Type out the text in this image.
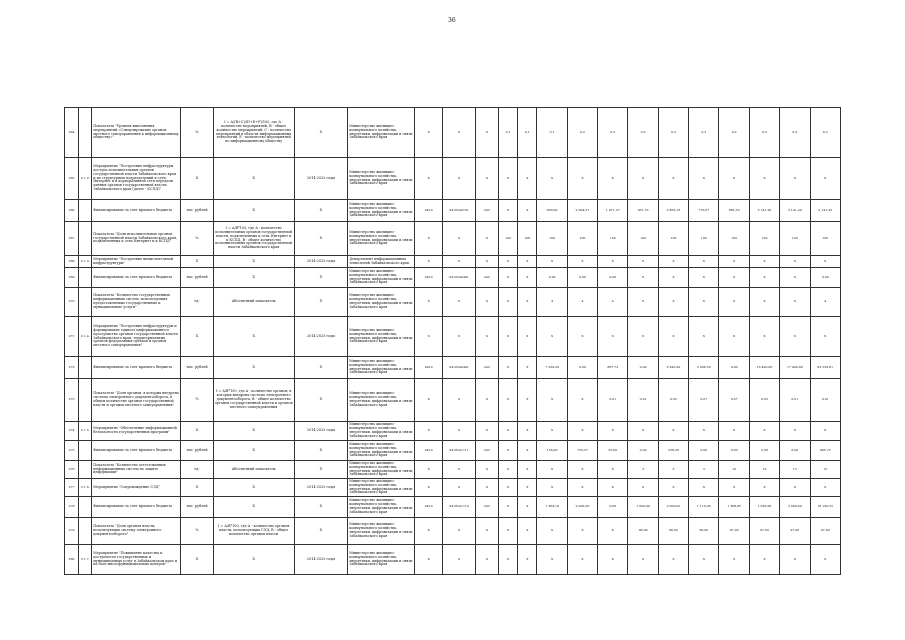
36
264		Показатель "Уровень выполнения мероприятий «Стимулирование органов местного самоуправления к информационному обществу»"	%	I = A/(B+C)/(D+E+F)/100, где A - количество мероприятий, B - общее количество мероприятий, C - количество мероприятий в области информационных технологий, E - количество мероприятий по информационному обществу	Х	Министерство жилищно-коммунального хозяйства, энергетики, цифровизации и связи Забайкальского края	Х	Х	Х	0,1	0,1	0,1	0,2	0,2	0,2	0,2	0,2	0,2	0,2	0,2	0,2
265	2.1.2.	Мероприятие "Построение инфраструктуры доступа исполнительных органов государственной власти Забайкальского края и их структурных подразделений к сети Интернет и к корпоративной сети передачи данных органов государственной власти Забайкальского края (далее - КСПД)"	Х	Х	2014-2025 годы	Министерство жилищно-коммунального хозяйства, энергетики, цифровизации и связи Забайкальского края	Х	Х	Х	Х	Х	Х	Х	Х	Х	Х	Х	Х	Х	Х	Х
266		Финансирование за счет краевого бюджета	тыс. рублей	Х	Х	Министерство жилищно-коммунального хозяйства, энергетики, цифровизации и связи Забайкальского края	0410	0410540101	242	Х	Х	600,00	2 694,57	1 971,27	931,70	2 865,18	770,67	862,53	2 141,20	2 141,20	2 141,20
267		Показатель "Доля исполнительных органов государственной власти Забайкальского края, подключенных к сети Интернет и к КСПД"	%	I = A/B*100, где A - количество исполнительных органов государственной власти, подключенных к сети Интернет и к КСПД, B - общее количество исполнительных органов государственной власти Забайкальского края	Х	Министерство жилищно-коммунального хозяйства, энергетики, цифровизации и связи Забайкальского края	Х	Х	Х	100	100	100	100	100	100	100	100	100	100	100	100
268	2.1.3.	Мероприятие "Построение вычислительной инфраструктуры"	Х	Х	2014-2025 годы	Департамент информационных технологий Забайкальского края	Х	Х	Х	Х	Х	Х	Х	Х	Х	Х	Х	Х	Х	Х	Х
269		Финансирование за счет краевого бюджета	тыс. рублей	Х	Х	Министерство жилищно-коммунального хозяйства, энергетики, цифровизации и связи Забайкальского края	0410	0410540401	242	Х	Х	0,00	0,00	0,00	Х	Х	Х	Х	Х	Х	0,00
270		Показатель "Количество государственных информационных систем, использующих предоставляемые государственные и муниципальные услуги"	ед.	Абсолютный показатель	Х	Министерство жилищно-коммунального хозяйства, энергетики, цифровизации и связи Забайкальского края	Х	Х	Х	Х	Х	4	4	4	Х	Х	Х	Х	Х	Х	4
271	2.1.4.	Мероприятие "Построение инфраструктуры и формирование единого информационного пространства органов государственной власти Забайкальского края, территориальных органов федеральных органов и органов местного самоуправления"	Х	Х	2014-2025 годы	Министерство жилищно-коммунального хозяйства, энергетики, цифровизации и связи Забайкальского края	Х	Х	Х	Х	Х	Х	Х	Х	Х	Х	Х	Х	Х	Х	Х
272		Финансирование за счет краевого бюджета	тыс. рублей	Х	Х	Министерство жилищно-коммунального хозяйства, энергетики, цифровизации и связи Забайкальского края	0410	0410540401	242	Х	Х	7 329,29	0,00	867,72	0,00	2 945,00	2 608,50	0,00	16 400,00	17 400,00	62 529,81
273		Показатель "Доля органов, в которых внедрена система электронного документооборота, в общем количестве органов государственной власти и органов местного самоуправления"	%	I = A/B*100, где A - количество органов, в которых внедрена система электронного документооборота, B - общее количество органов государственной власти и органов местного самоуправления	Х	Министерство жилищно-коммунального хозяйства, энергетики, цифровизации и связи Забайкальского края	Х	Х	Х	Х	Х	Х	Х	0,01	0,01	0,05	0,07	0,07	0,05	0,01	0,01
274	2.1.5.	Мероприятие "Обеспечение информационной безопасности государственных программ"	Х	Х	2014-2025 годы	Министерство жилищно-коммунального хозяйства, энергетики, цифровизации и связи Забайкальского края	Х	Х	Х	Х	Х	Х	Х	Х	Х	Х	Х	Х	Х	Х	Х
275		Финансирование за счет краевого бюджета	тыс. рублей	Х	Х	Министерство жилищно-коммунального хозяйства, энергетики, цифровизации и связи Забайкальского края	0410	0410541111	242	Х	Х	156,00	756,37	25,00	0,00	338,29	0,00	0,00	0,00	0,00	495,72
276		Показатель "Количество аттестованных информационных систем по защите информации"	ед.	Абсолютный показатель	Х	Министерство жилищно-коммунального хозяйства, энергетики, цифровизации и связи Забайкальского края	Х	Х	Х	Х	Х	Х	Х	Х	3	3	3	10	10	15	15
277	2.1.6.	Мероприятие "Сопровождение СЭД"	Х	Х	2014-2025 годы	Министерство жилищно-коммунального хозяйства, энергетики, цифровизации и связи Забайкальского края	Х	Х	Х	Х	Х	Х	Х	Х	Х	Х	Х	Х	Х	Х	Х
278		Финансирование за счет краевого бюджета	тыс. рублей	Х	Х	Министерство жилищно-коммунального хозяйства, энергетики, цифровизации и связи Забайкальского края	0410	0410541114	242	Х	Х	1 364,18	2 000,00	0,00	1 000,00	2 000,00	1 110,00	1 368,85	1 620,00	2 000,00	18 190,35
279		Показатель "Доля органов власти, использующих систему электронного документооборота"	%	I = A/B*100, где A - количество органов власти, использующих СЭД, B - общее количество органов власти	Х	Министерство жилищно-коммунального хозяйства, энергетики, цифровизации и связи Забайкальского края	Х	Х	Х	Х	Х	Х	Х	Х	96,00	96,00	96,00	97,00	97,00	97,00	97,00
280	2.1.7.	Мероприятие "Повышение качества и доступности государственных и муниципальных услуг в Забайкальском крае и на базе многофункциональных центров"	Х	Х	2014-2025 годы	Министерство жилищно-коммунального хозяйства, энергетики, цифровизации и связи Забайкальского края	Х	Х	Х	Х	Х	Х	Х	Х	Х	Х	Х	Х	Х	Х	Х
